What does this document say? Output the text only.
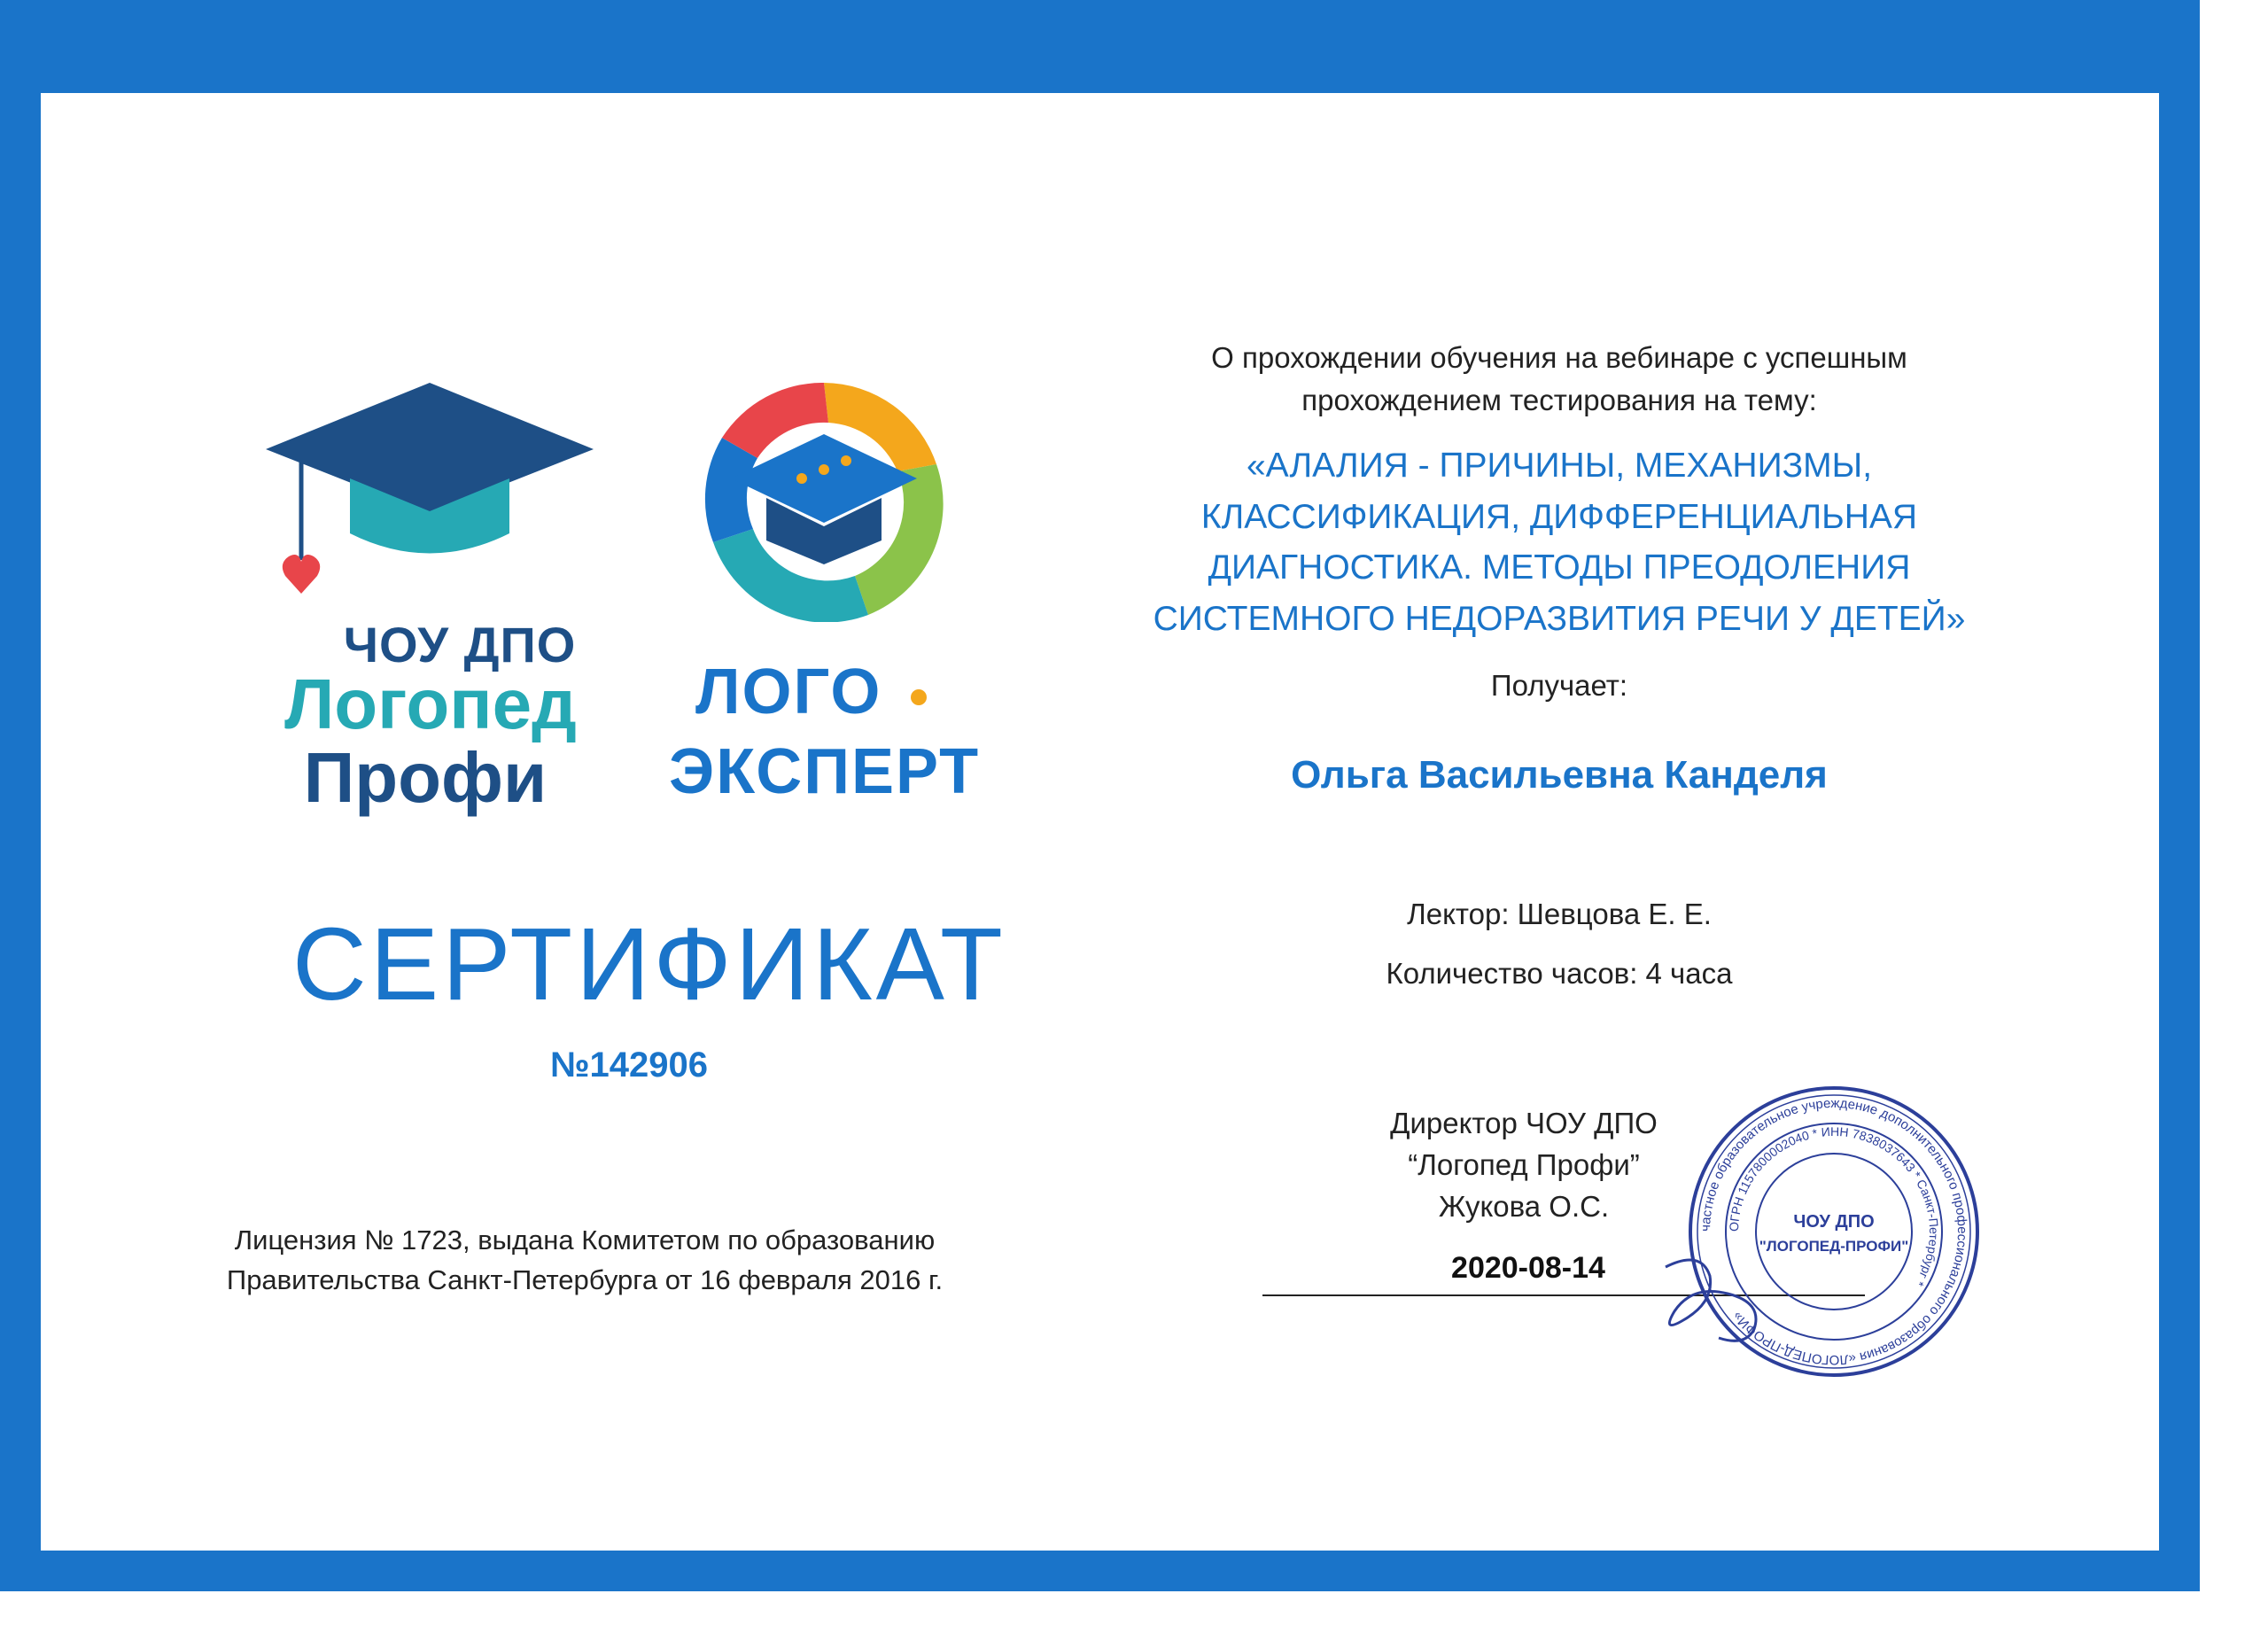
ЧОУ ДПО
Логопед
Профи
ЛОГО
ЭКСПЕРТ
СЕРТИФИКАТ
№142906
Лицензия № 1723, выдана Комитетом по образованию
Правительства Санкт-Петербурга от 16 февраля 2016 г.
О прохождении обучения на вебинаре с успешным
прохождением тестирования на тему:
«АЛАЛИЯ - ПРИЧИНЫ, МЕХАНИЗМЫ,
КЛАССИФИКАЦИЯ, ДИФФЕРЕНЦИАЛЬНАЯ
ДИАГНОСТИКА. МЕТОДЫ ПРЕОДОЛЕНИЯ
СИСТЕМНОГО НЕДОРАЗВИТИЯ РЕЧИ У ДЕТЕЙ»
Получает:
Ольга Васильевна Канделя
Лектор: Шевцова Е. Е.
Количество часов: 4 часа
Директор ЧОУ ДПО
“Логопед Профи”
Жукова О.С.
2020-08-14
частное образовательное учреждение дополнительного профессионального образования «ЛОГОПЕД-ПРОФИ»
ОГРН 1157800002040 * ИНН 7838037643 * Санкт-Петербург *
ЧОУ ДПО
"ЛОГОПЕД-ПРОФИ"
